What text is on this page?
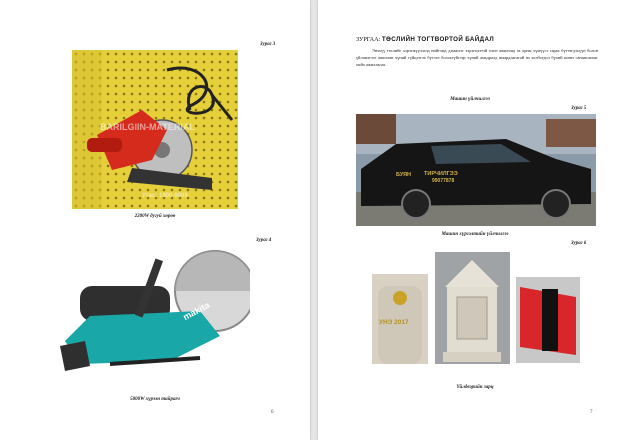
Зураг 3
BARILGIIN-MATERIAL
Утас: 1900-9009
2200W дугуй хөрөө
Зураг 4
makita
5000W хүрээн тайрагч
6
ЗУРГАА: ТӨСЛИЙН ТОГТВОРТОЙ БАЙДАЛ
Энэхүү төслийг хэрэгжүүлэхэд нийгэмд дэмжлэг хэрэгцээтэй олон ажилчид эх орны хүмүүст гарах бүтээгдэхүүн болон үйлчилгээг ашиглан хүний гүйцэтгэх бүтээл болохгүйгээр хүний амьдралд шаардлагатай ач холбогдол бүхий шинэ санаачлагыг хийх ажиллагаа.
Машин үйлчилгээ
Зураг 5
БУЯН ТИРЧИЛГЭЭ
99077878
Машин хүргэлтийн үйлчилгээ
Зураг 6
УНЭ 2017
Үйлдвэрийн зарц
7
